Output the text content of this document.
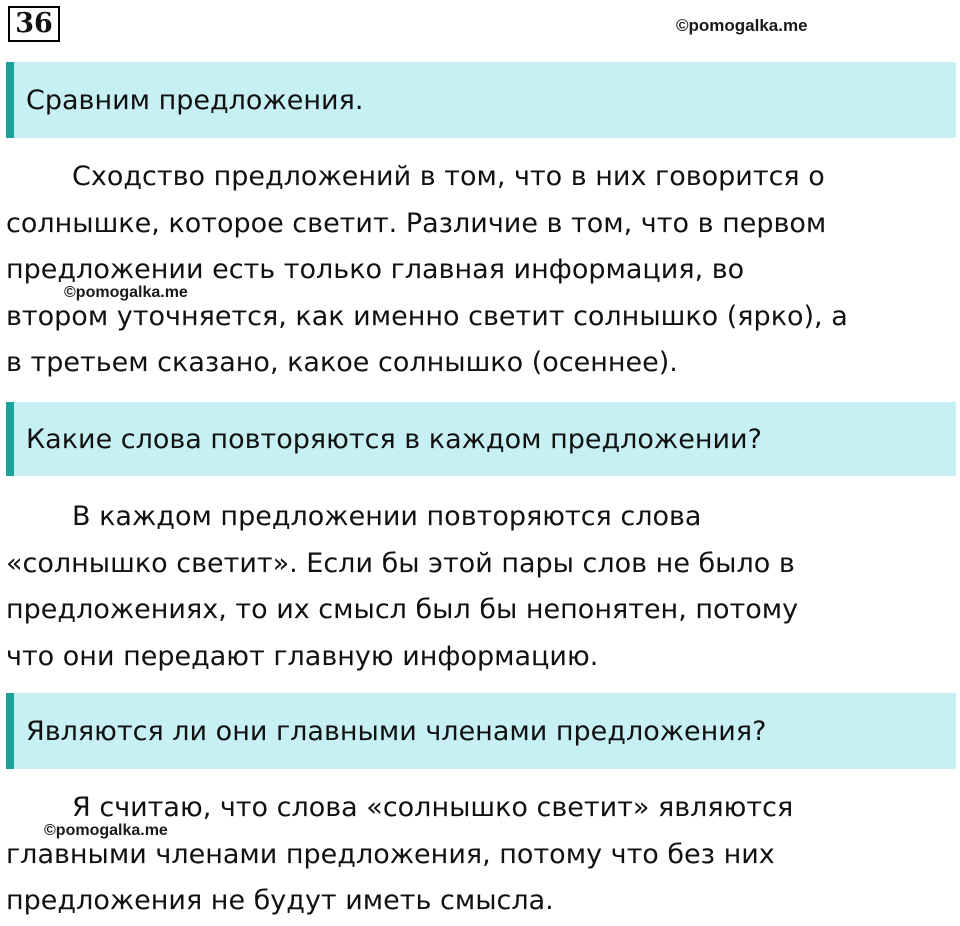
36	©pomogalka.me
Сравним предложения.
Сходство предложений в том, что в них говорится о
солнышке, которое светит. Различие в том, что в первом
предложении есть только главная информация, во
втором уточняется, как именно светит солнышко (ярко), а
в третьем сказано, какое солнышко (осеннее).
©pomogalka.me
Какие слова повторяются в каждом предложении?
В каждом предложении повторяются слова
«солнышко светит». Если бы этой пары слов не было в
предложениях, то их смысл был бы непонятен, потому
что они передают главную информацию.
Являются ли они главными членами предложения?
Я считаю, что слова «солнышко светит» являются
главными членами предложения, потому что без них
предложения не будут иметь смысла.
©pomogalka.me
